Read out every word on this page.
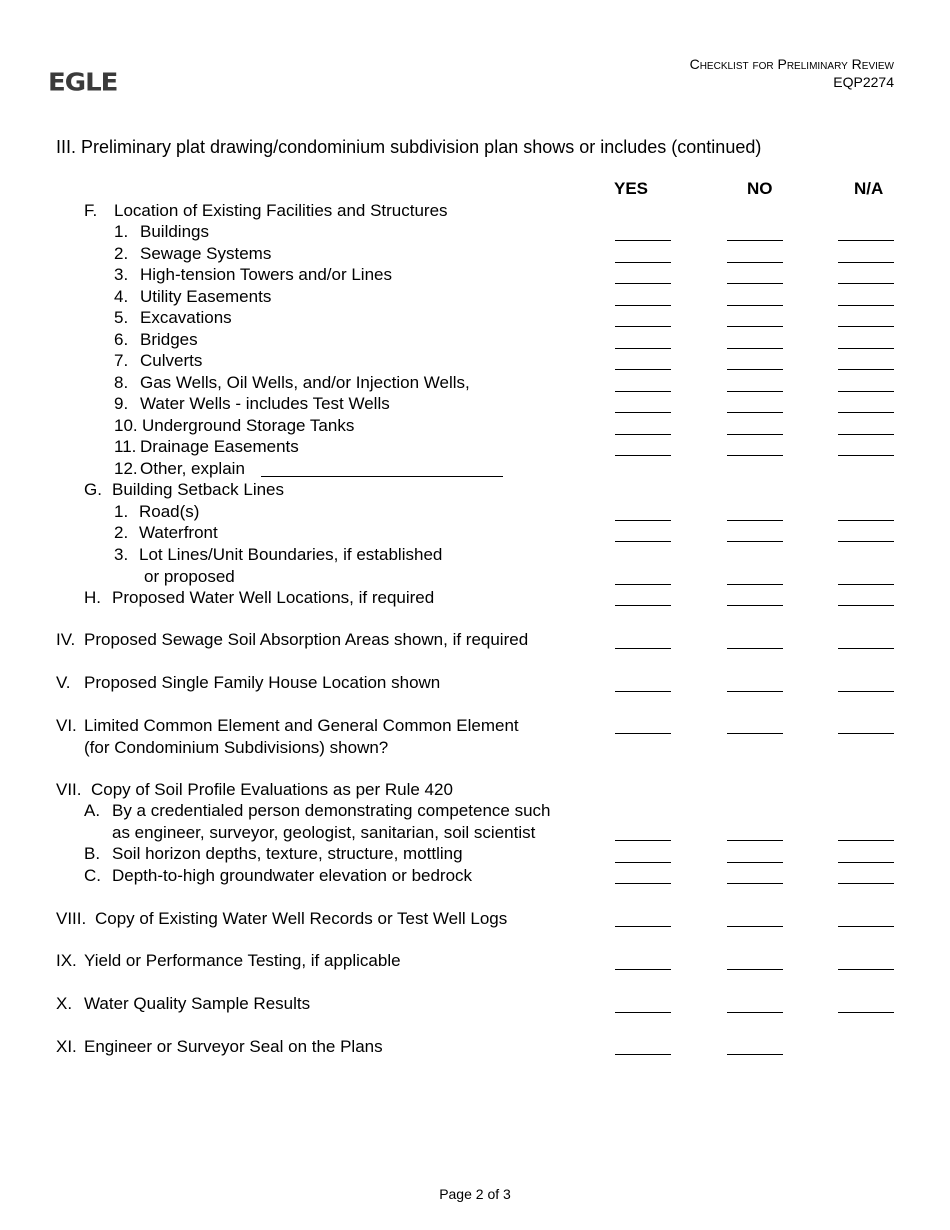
EGLE
Checklist for Preliminary Review
EQP2274
III. Preliminary plat drawing/condominium subdivision plan shows or includes (continued)
YES	NO	N/A
F. Location of Existing Facilities and Structures
1. Buildings
2. Sewage Systems
3. High-tension Towers and/or Lines
4. Utility Easements
5. Excavations
6. Bridges
7. Culverts
8. Gas Wells, Oil Wells, and/or Injection Wells,
9. Water Wells - includes Test Wells
10. Underground Storage Tanks
11. Drainage Easements
12. Other, explain
G. Building Setback Lines
1. Road(s)
2. Waterfront
3. Lot Lines/Unit Boundaries, if established
or proposed
H. Proposed Water Well Locations, if required
IV. Proposed Sewage Soil Absorption Areas shown, if required
V. Proposed Single Family House Location shown
VI. Limited Common Element and General Common Element
(for Condominium Subdivisions) shown?
VII. Copy of Soil Profile Evaluations as per Rule 420
A. By a credentialed person demonstrating competence such
as engineer, surveyor, geologist, sanitarian, soil scientist
B. Soil horizon depths, texture, structure, mottling
C. Depth-to-high groundwater elevation or bedrock
VIII. Copy of Existing Water Well Records or Test Well Logs
IX. Yield or Performance Testing, if applicable
X. Water Quality Sample Results
XI. Engineer or Surveyor Seal on the Plans
Page 2 of 3
